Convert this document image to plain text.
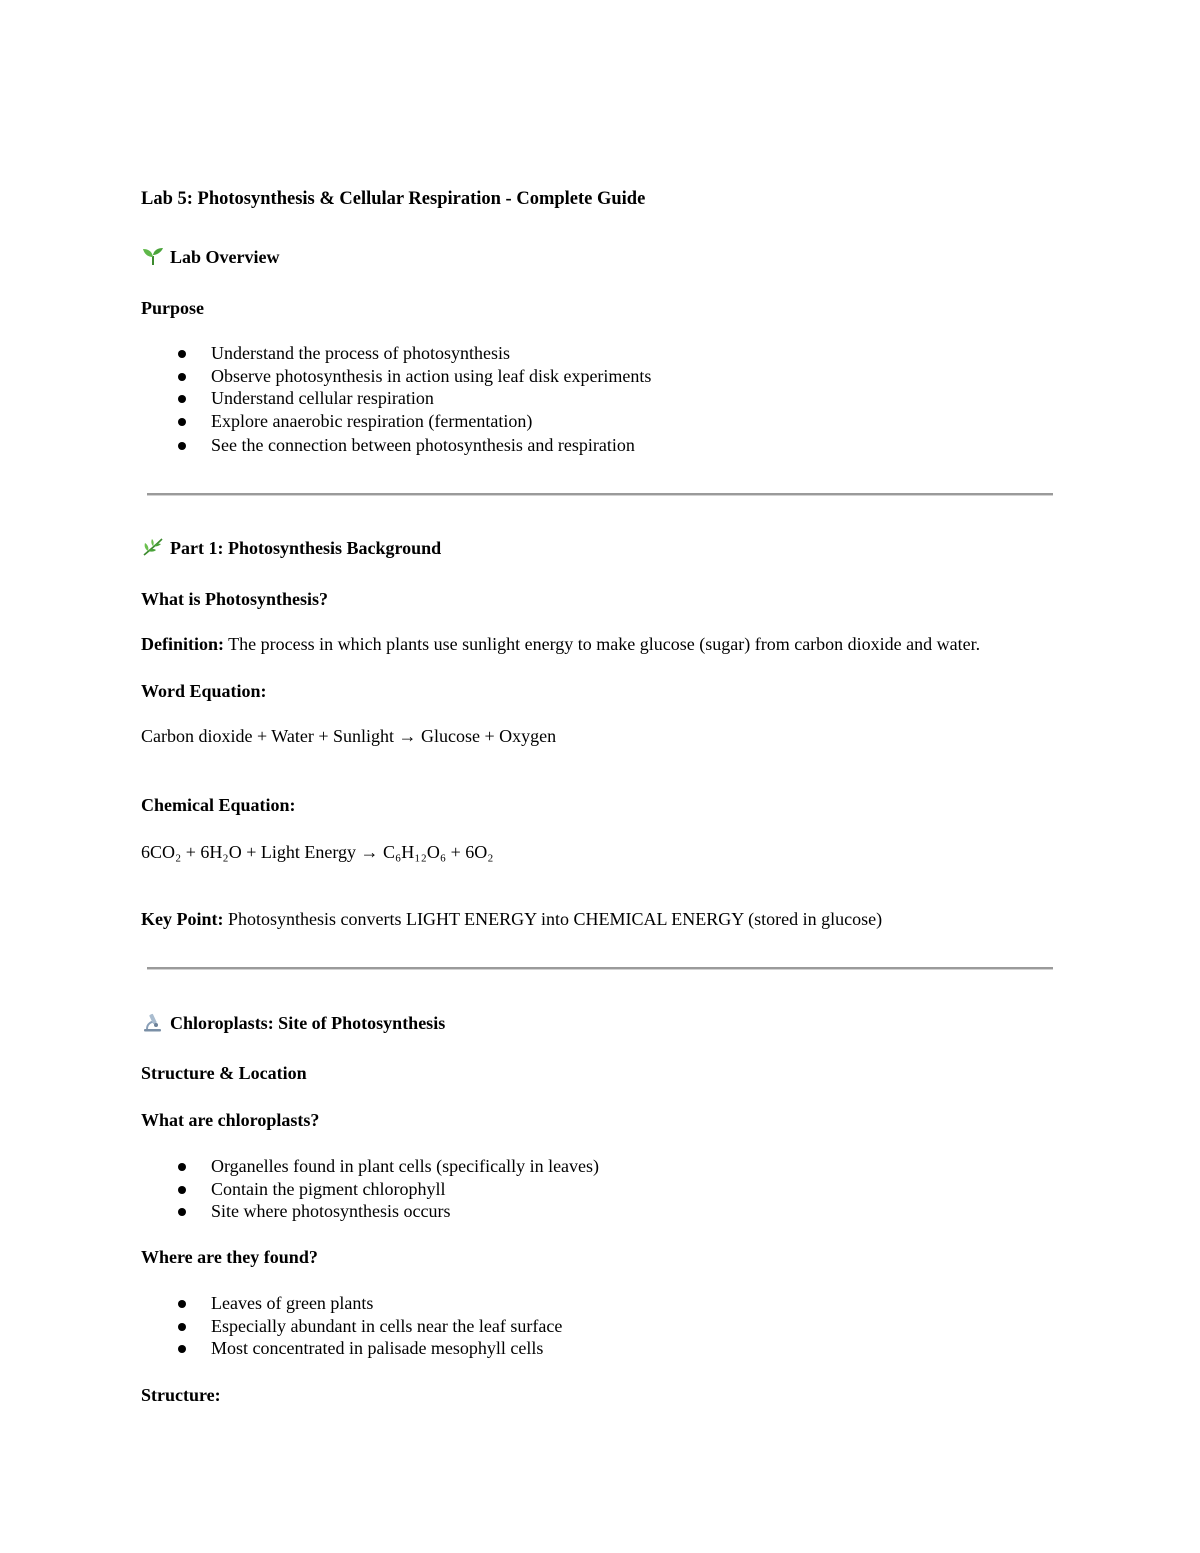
Lab 5: Photosynthesis & Cellular Respiration - Complete Guide
Lab Overview
Purpose
Understand the process of photosynthesis
Observe photosynthesis in action using leaf disk experiments
Understand cellular respiration
Explore anaerobic respiration (fermentation)
See the connection between photosynthesis and respiration
Part 1: Photosynthesis Background
What is Photosynthesis?
Definition: The process in which plants use sunlight energy to make glucose (sugar) from carbon dioxide and water.
Word Equation:
Carbon dioxide + Water + Sunlight → Glucose + Oxygen
Chemical Equation:
6CO₂ + 6H₂O + Light Energy → C₆H₁₂O₆ + 6O₂
Key Point: Photosynthesis converts LIGHT ENERGY into CHEMICAL ENERGY (stored in glucose)
Chloroplasts: Site of Photosynthesis
Structure & Location
What are chloroplasts?
Organelles found in plant cells (specifically in leaves)
Contain the pigment chlorophyll
Site where photosynthesis occurs
Where are they found?
Leaves of green plants
Especially abundant in cells near the leaf surface
Most concentrated in palisade mesophyll cells
Structure:
